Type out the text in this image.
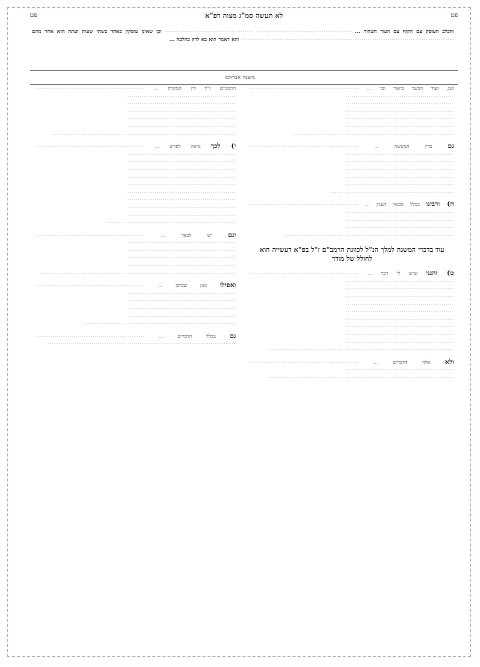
פט	לא תעשה סמ"ג מצוה רפ"א	פט
והכלב העוסק עם הקוף עם העור הטהור ... ············································ ········································· וכן שאינן עוסקין כאחד בשתי שעות ועתה הוא אחד מהם ·············································· ········································ ··········· והא דאמר הוא בא לדון כהלכה ...
משנה אברהם

ונמ, ועוד הכשר ביאור וכו' ... ···················································· ···················································· ···················································· ···················································· ···················································· ···················································· ···················································· ·························

גם בדין המעשה ... ···················································· ···················································· ···················································· ···················································· ···················································· ···················································· ···················································· ······

ח) ורבינו בכלל מבאר הענין ... ···················································· ···················································· ···················································· ···················································· ···················································· ····························

עוד בדברי המשנה למלך הנ"ל לכוונת הרמב"ם ז"ל בפ"א דעשייה הוא לחולל של מודר

ט) והנני שיש לי דבר ... ···················································· ···················································· ···················································· ···················································· ···················································· ···················································· ···················································· ···················································· ···················································· ···················································· ···················································· ····································

ולא אלה הדברים ... ···················································· ···················································· ···················································· ····································

הרמב"ם ז"ל דין המקרה ... ···················································· ···················································· ···················································· ···················································· ···················································· ···················································· ···················································· ···································

י) לכך נראה לפרש ... ···················································· ···················································· ···················································· ···················································· ···················································· ···················································· ···················································· ···················································· ···················································· ···················································· ···················································· ·········

וגם יש לבאר ... ···················································· ···················································· ···················································· ···················································· ···················································· ···················································· ·········································

ואפילו כאן שכתב ... ···················································· ···················································· ···················································· ···················································· ···················································· ···················································· ····················

גם בכלל הדברים ... ···················································· ···················································· ·····································
